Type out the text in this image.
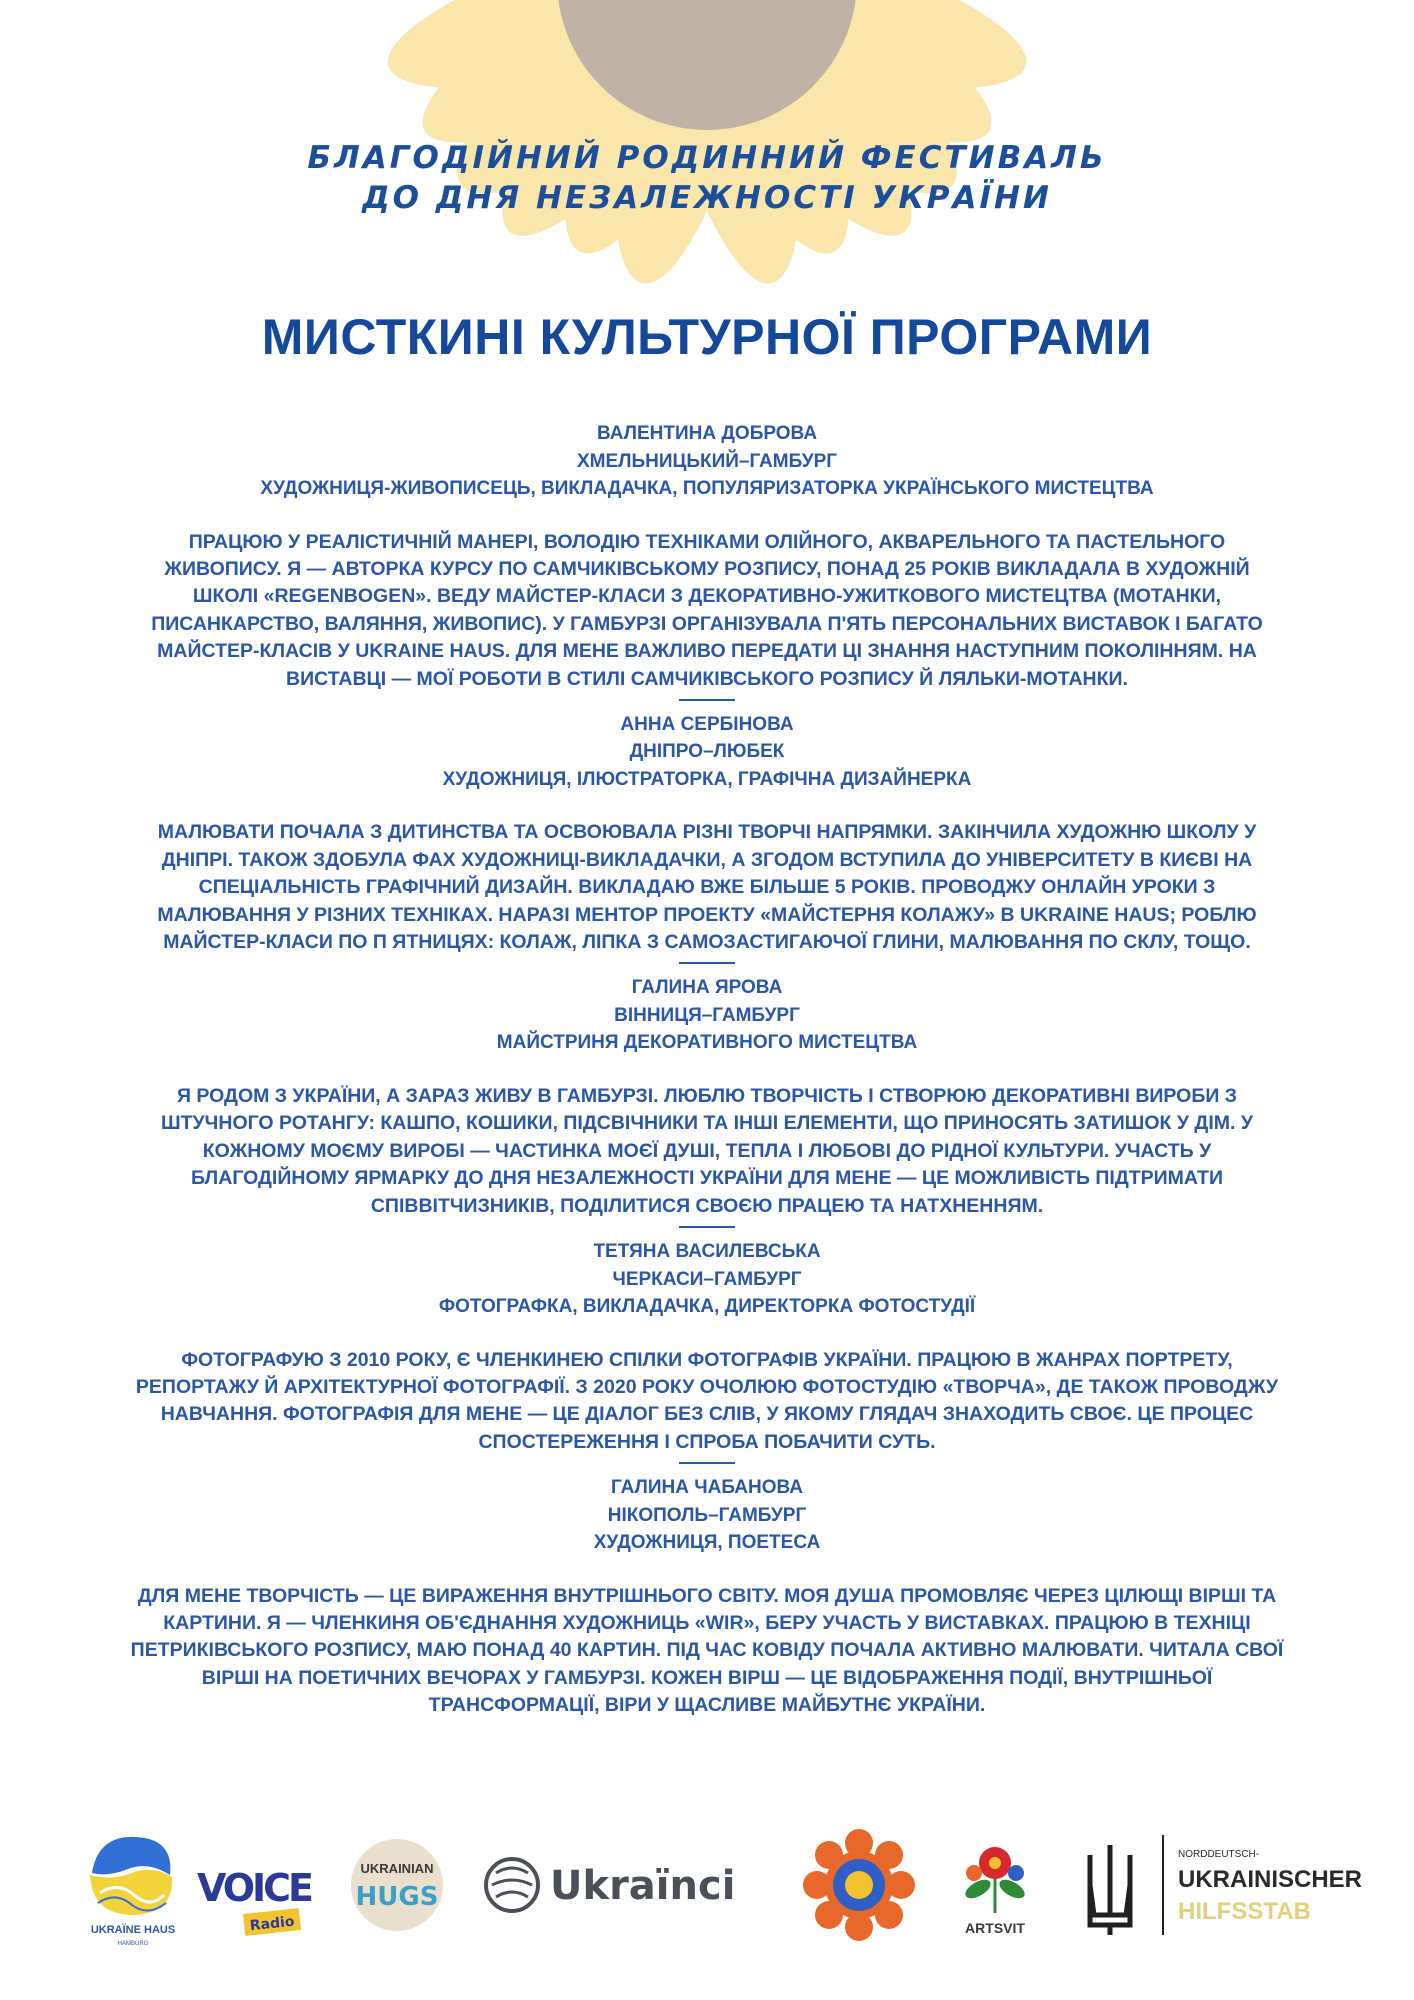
БЛАГОДІЙНИЙ РОДИННИЙ ФЕСТИВАЛЬ
ДО ДНЯ НЕЗАЛЕЖНОСТІ УКРАЇНИ
МИСТКИНІ КУЛЬТУРНОЇ ПРОГРАМИ
ВАЛЕНТИНА ДОБРОВА
ХМЕЛЬНИЦЬКИЙ–ГАМБУРГ
ХУДОЖНИЦЯ-ЖИВОПИСЕЦЬ, ВИКЛАДАЧКА, ПОПУЛЯРИЗАТОРКА УКРАЇНСЬКОГО МИСТЕЦТВА
ПРАЦЮЮ У РЕАЛІСТИЧНІЙ МАНЕРІ, ВОЛОДІЮ ТЕХНІКАМИ ОЛІЙНОГО, АКВАРЕЛЬНОГО ТА ПАСТЕЛЬНОГО ЖИВОПИСУ. Я — АВТОРКА КУРСУ ПО САМЧИКІВСЬКОМУ РОЗПИСУ, ПОНАД 25 РОКІВ ВИКЛАДАЛА В ХУДОЖНІЙ ШКОЛІ «REGENBOGEN». ВЕДУ МАЙСТЕР-КЛАСИ З ДЕКОРАТИВНО-УЖИТКОВОГО МИСТЕЦТВА (МОТАНКИ, ПИСАНКАРСТВО, ВАЛЯННЯ, ЖИВОПИС). У ГАМБУРЗІ ОРГАНІЗУВАЛА П'ЯТЬ ПЕРСОНАЛЬНИХ ВИСТАВОК І БАГАТО МАЙСТЕР-КЛАСІВ У UKRAINE HAUS. ДЛЯ МЕНЕ ВАЖЛИВО ПЕРЕДАТИ ЦІ ЗНАННЯ НАСТУПНИМ ПОКОЛІННЯМ. НА ВИСТАВЦІ — МОЇ РОБОТИ В СТИЛІ САМЧИКІВСЬКОГО РОЗПИСУ Й ЛЯЛЬКИ-МОТАНКИ.
АННА СЕРБІНОВА
ДНІПРО–ЛЮБЕК
ХУДОЖНИЦЯ, ІЛЮСТРАТОРКА, ГРАФІЧНА ДИЗАЙНЕРКА
МАЛЮВАТИ ПОЧАЛА З ДИТИНСТВА ТА ОСВОЮВАЛА РІЗНІ ТВОРЧІ НАПРЯМКИ. ЗАКІНЧИЛА ХУДОЖНЮ ШКОЛУ У ДНІПРІ. ТАКОЖ ЗДОБУЛА ФАХ ХУДОЖНИЦІ-ВИКЛАДАЧКИ, А ЗГОДОМ ВСТУПИЛА ДО УНІВЕРСИТЕТУ В КИЄВІ НА СПЕЦІАЛЬНІСТЬ ГРАФІЧНИЙ ДИЗАЙН. ВИКЛАДАЮ ВЖЕ БІЛЬШЕ 5 РОКІВ. ПРОВОДЖУ ОНЛАЙН УРОКИ З МАЛЮВАННЯ У РІЗНИХ ТЕХНІКАХ. НАРАЗІ МЕНТОР ПРОЕКТУ «МАЙСТЕРНЯ КОЛАЖУ» В UKRAINE HAUS; РОБЛЮ МАЙСТЕР-КЛАСИ ПО П ЯТНИЦЯХ: КОЛАЖ, ЛІПКА З САМОЗАСТИГАЮЧОЇ ГЛИНИ, МАЛЮВАННЯ ПО СКЛУ, ТОЩО.
ГАЛИНА ЯРОВА
ВІННИЦЯ–ГАМБУРГ
МАЙСТРИНЯ ДЕКОРАТИВНОГО МИСТЕЦТВА
Я РОДОМ З УКРАЇНИ, А ЗАРАЗ ЖИВУ В ГАМБУРЗІ. ЛЮБЛЮ ТВОРЧІСТЬ І СТВОРЮЮ ДЕКОРАТИВНІ ВИРОБИ З ШТУЧНОГО РОТАНГУ: КАШПО, КОШИКИ, ПІДСВІЧНИКИ ТА ІНШІ ЕЛЕМЕНТИ, ЩО ПРИНОСЯТЬ ЗАТИШОК У ДІМ. У КОЖНОМУ МОЄМУ ВИРОБІ — ЧАСТИНКА МОЄЇ ДУШІ, ТЕПЛА І ЛЮБОВІ ДО РІДНОЇ КУЛЬТУРИ. УЧАСТЬ У БЛАГОДІЙНОМУ ЯРМАРКУ ДО ДНЯ НЕЗАЛЕЖНОСТІ УКРАЇНИ ДЛЯ МЕНЕ — ЦЕ МОЖЛИВІСТЬ ПІДТРИМАТИ СПІВВІТЧИЗНИКІВ, ПОДІЛИТИСЯ СВОЄЮ ПРАЦЕЮ ТА НАТХНЕННЯМ.
ТЕТЯНА ВАСИЛЕВСЬКА
ЧЕРКАСИ–ГАМБУРГ
ФОТОГРАФКА, ВИКЛАДАЧКА, ДИРЕКТОРКА ФОТОСТУДІЇ
ФОТОГРАФУЮ З 2010 РОКУ, Є ЧЛЕНКИНЕЮ СПІЛКИ ФОТОГРАФІВ УКРАЇНИ. ПРАЦЮЮ В ЖАНРАХ ПОРТРЕТУ, РЕПОРТАЖУ Й АРХІТЕКТУРНОЇ ФОТОГРАФІЇ. З 2020 РОКУ ОЧОЛЮЮ ФОТОСТУДІЮ «ТВОРЧА», ДЕ ТАКОЖ ПРОВОДЖУ НАВЧАННЯ. ФОТОГРАФІЯ ДЛЯ МЕНЕ — ЦЕ ДІАЛОГ БЕЗ СЛІВ, У ЯКОМУ ГЛЯДАЧ ЗНАХОДИТЬ СВОЄ. ЦЕ ПРОЦЕС СПОСТЕРЕЖЕННЯ І СПРОБА ПОБАЧИТИ СУТЬ.
ГАЛИНА ЧАБАНОВА
НІКОПОЛЬ–ГАМБУРГ
ХУДОЖНИЦЯ, ПОЕТЕСА
ДЛЯ МЕНЕ ТВОРЧІСТЬ — ЦЕ ВИРАЖЕННЯ ВНУТРІШНЬОГО СВІТУ. МОЯ ДУША ПРОМОВЛЯЄ ЧЕРЕЗ ЦІЛЮЩІ ВІРШІ ТА КАРТИНИ. Я — ЧЛЕНКИНЯ ОБ'ЄДНАННЯ ХУДОЖНИЦЬ «WIR», БЕРУ УЧАСТЬ У ВИСТАВКАХ. ПРАЦЮЮ В ТЕХНІЦІ ПЕТРИКІВСЬКОГО РОЗПИСУ, МАЮ ПОНАД 40 КАРТИН. ПІД ЧАС КОВІДУ ПОЧАЛА АКТИВНО МАЛЮВАТИ. ЧИТАЛА СВОЇ ВІРШІ НА ПОЕТИЧНИХ ВЕЧОРАХ У ГАМБУРЗІ. КОЖЕН ВІРШ — ЦЕ ВІДОБРАЖЕННЯ ПОДІЇ, ВНУТРІШНЬОЇ ТРАНСФОРМАЦІЇ, ВІРИ У ЩАСЛИВЕ МАЙБУТНЄ УКРАЇНИ.
UKRAÏNE HAUS
HAMBURG
VOICE
Radio
UKRAINIAN
HUGS	Ukraïnci
ARTSVIT
NORDDEUTSCH-
UKRAINISCHER
HILFSSTAB
